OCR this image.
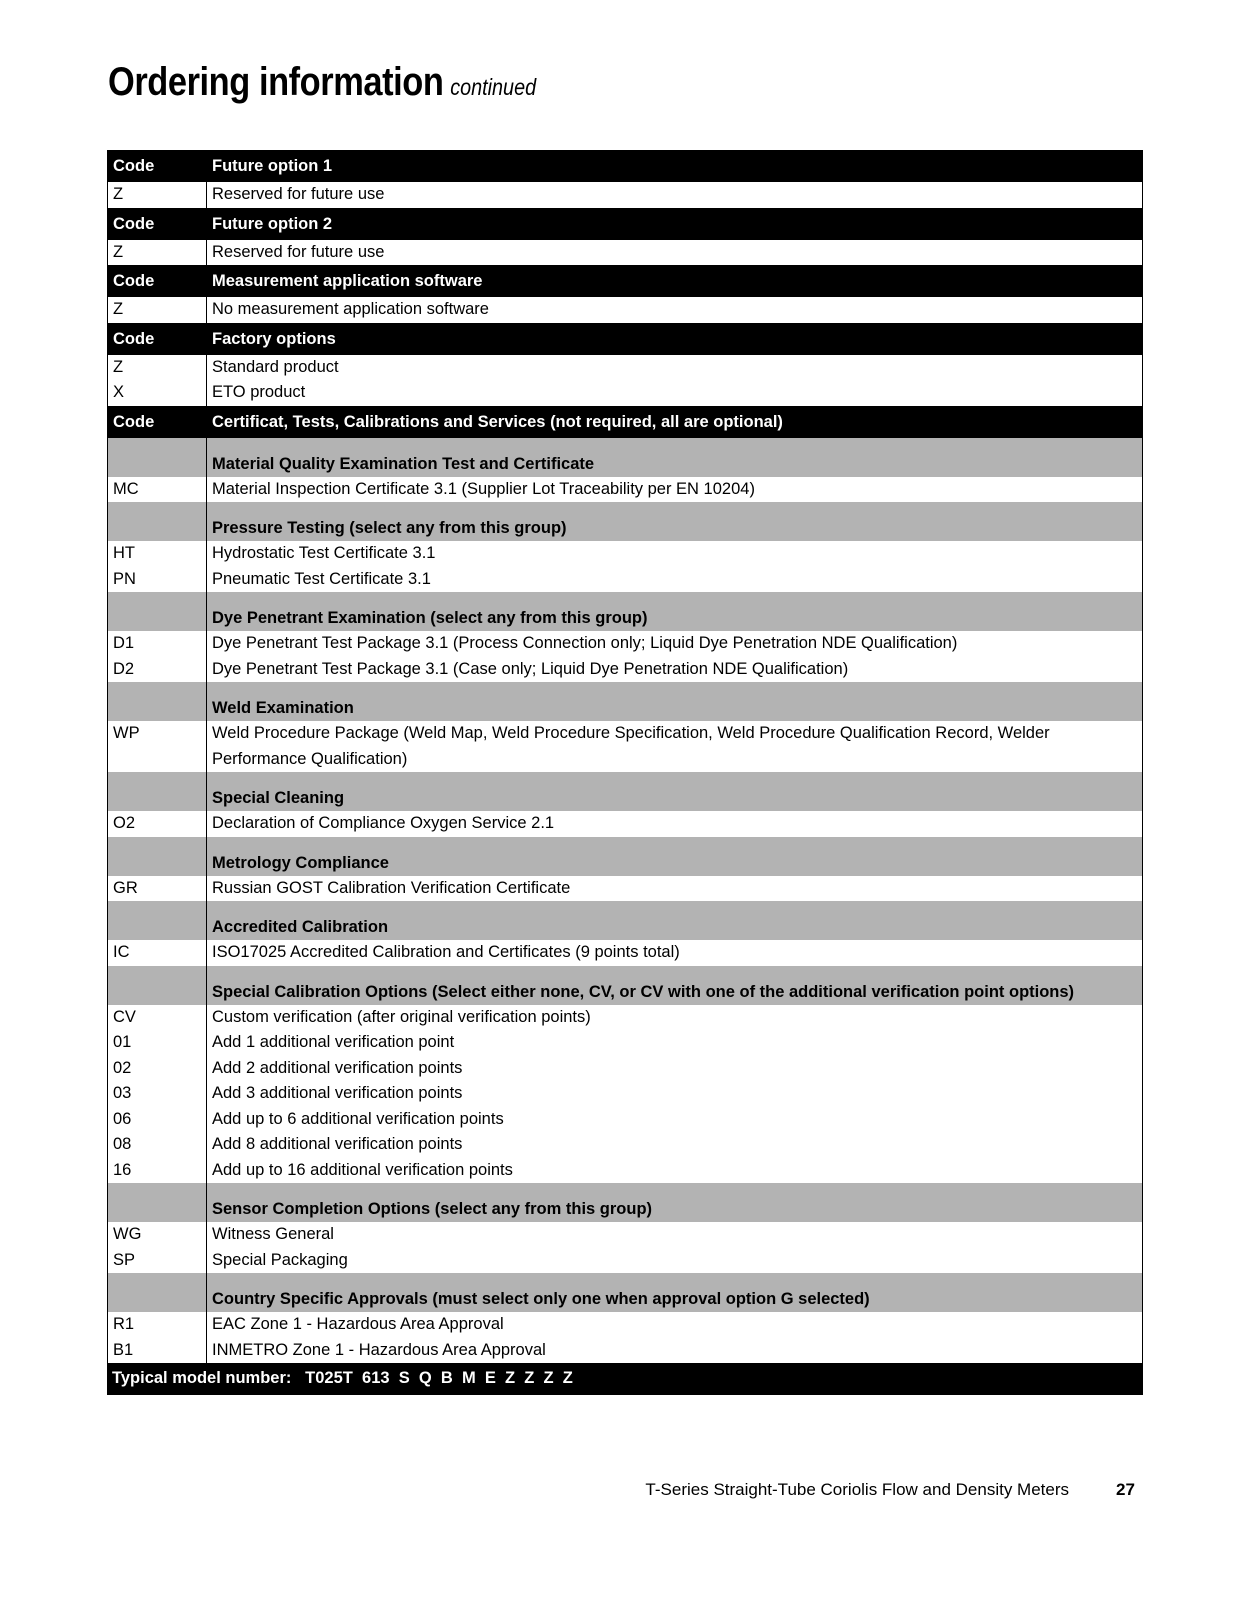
Ordering information continued
Code	Future option 1
Z	Reserved for future use
Code	Future option 2
Z	Reserved for future use
Code	Measurement application software
Z	No measurement application software
Code	Factory options
Z	Standard product
X	ETO product
Code	Certificat, Tests, Calibrations and Services (not required, all are optional)
Material Quality Examination Test and Certificate
MC	Material Inspection Certificate 3.1 (Supplier Lot Traceability per EN 10204)
Pressure Testing (select any from this group)
HT	Hydrostatic Test Certificate 3.1
PN	Pneumatic Test Certificate 3.1
Dye Penetrant Examination (select any from this group)
D1	Dye Penetrant Test Package 3.1 (Process Connection only; Liquid Dye Penetration NDE Qualification)
D2	Dye Penetrant Test Package 3.1 (Case only; Liquid Dye Penetration NDE Qualification)
Weld Examination
WP	Weld Procedure Package (Weld Map, Weld Procedure Specification, Weld Procedure Qualification Record, Welder Performance Qualification)
Special Cleaning
O2	Declaration of Compliance Oxygen Service 2.1
Metrology Compliance
GR	Russian GOST Calibration Verification Certificate
Accredited Calibration
IC	ISO17025 Accredited Calibration and Certificates (9 points total)
Special Calibration Options (Select either none, CV, or CV with one of the additional verification point options)
CV	Custom verification (after original verification points)
01	Add 1 additional verification point
02	Add 2 additional verification points
03	Add 3 additional verification points
06	Add up to 6 additional verification points
08	Add 8 additional verification points
16	Add up to 16 additional verification points
Sensor Completion Options (select any from this group)
WG	Witness General
SP	Special Packaging
Country Specific Approvals (must select only one when approval option G selected)
R1	EAC Zone 1 - Hazardous Area Approval
B1	INMETRO Zone 1 - Hazardous Area Approval
Typical model number: T025T  613  S  Q  B  M  E  Z  Z  Z  Z
T-Series Straight-Tube Coriolis Flow and Density Meters	27
